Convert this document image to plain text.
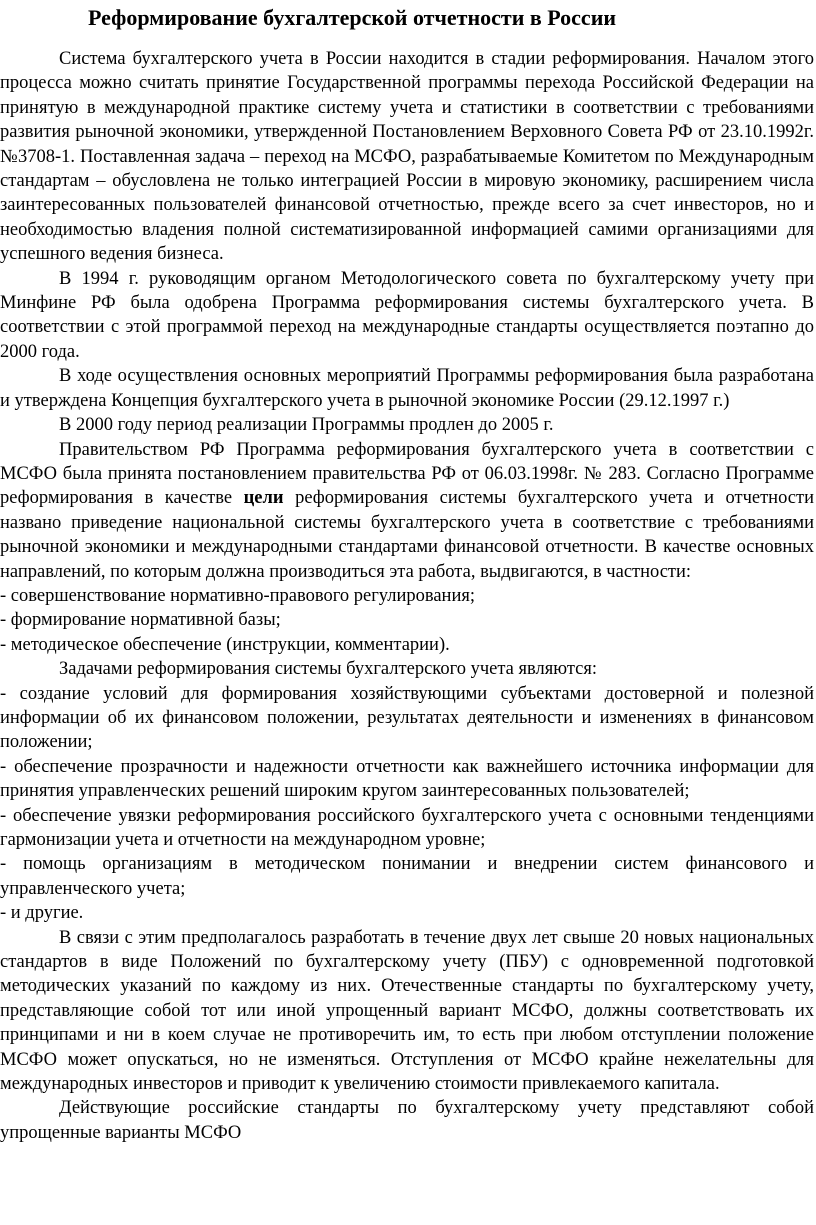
Реформирование бухгалтерской отчетности в России

Система бухгалтерского учета в России находится в стадии реформирования. Началом этого процесса можно считать принятие Государственной программы перехода Российской Федерации на принятую в международной практике систему учета и статистики в соответствии с требованиями развития рыночной экономики, утвержденной Постановлением Верховного Совета РФ от 23.10.1992г. №3708-1. Поставленная задача – переход на МСФО, разрабатываемые Комитетом по Международным стандартам – обусловлена не только интеграцией России в мировую экономику, расширением числа заинтересованных пользователей финансовой отчетностью, прежде всего за счет инвесторов, но и необходимостью владения полной систематизированной информацией самими организациями для успешного ведения бизнеса.

В 1994 г. руководящим органом Методологического совета по бухгалтерскому учету при Минфине РФ была одобрена Программа реформирования системы бухгалтерского учета. В соответствии с этой программой переход на международные стандарты осуществляется поэтапно до 2000 года.

В ходе осуществления основных мероприятий Программы реформирования была разработана и утверждена Концепция бухгалтерского учета в рыночной экономике России (29.12.1997 г.)

В 2000 году период реализации Программы продлен до 2005 г.

Правительством РФ Программа реформирования бухгалтерского учета в соответствии с МСФО была принята постановлением правительства РФ от 06.03.1998г. № 283. Согласно Программе реформирования в качестве цели реформирования системы бухгалтерского учета и отчетности названо приведение национальной системы бухгалтерского учета в соответствие с требованиями рыночной экономики и международными стандартами финансовой отчетности. В качестве основных направлений, по которым должна производиться эта работа, выдвигаются, в частности:

- совершенствование нормативно-правового регулирования;

- формирование нормативной базы;

- методическое обеспечение (инструкции, комментарии).

Задачами реформирования системы бухгалтерского учета являются:

- создание условий для формирования хозяйствующими субъектами достоверной и полезной информации об их финансовом положении, результатах деятельности и изменениях в финансовом положении;

- обеспечение прозрачности и надежности отчетности как важнейшего источника информации для принятия управленческих решений широким кругом заинтересованных пользователей;

- обеспечение увязки реформирования российского бухгалтерского учета с основными тенденциями гармонизации учета и отчетности на международном уровне;

- помощь организациям в методическом понимании и внедрении систем финансового и управленческого учета;

- и другие.

В связи с этим предполагалось разработать в течение двух лет свыше 20 новых национальных стандартов в виде Положений по бухгалтерскому учету (ПБУ) с одновременной подготовкой методических указаний по каждому из них. Отечественные стандарты по бухгалтерскому учету, представляющие собой тот или иной упрощенный вариант МСФО, должны соответствовать их принципами и ни в коем случае не противоречить им, то есть при любом отступлении положение МСФО может опускаться, но не изменяться. Отступления от МСФО крайне нежелательны для международных инвесторов и приводит к увеличению стоимости привлекаемого капитала.

Действующие российские стандарты по бухгалтерскому учету представляют собой упрощенные варианты МСФО
